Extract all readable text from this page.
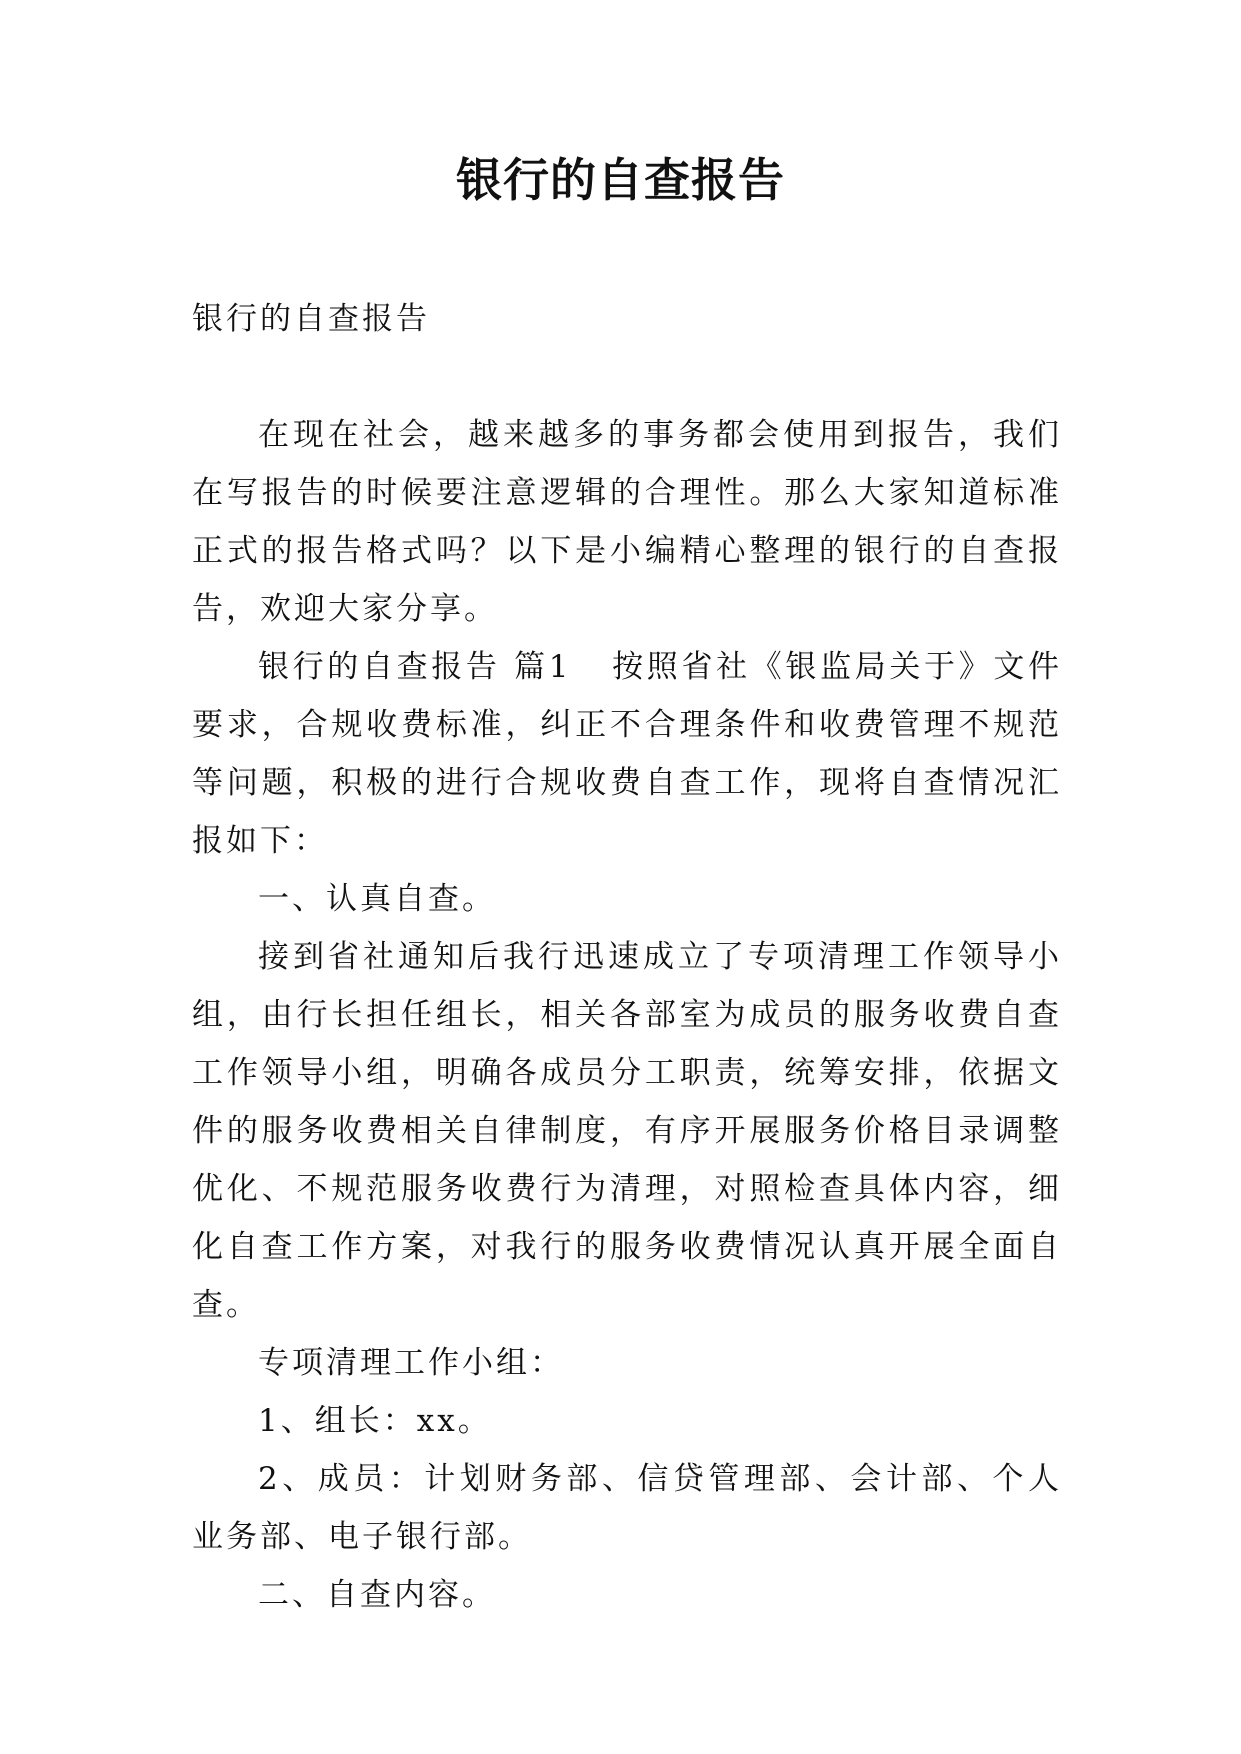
银行的自查报告

银行的自查报告

在现在社会，越来越多的事务都会使用到报告，我们在写报告的时候要注意逻辑的合理性。那么大家知道标准正式的报告格式吗？以下是小编精心整理的银行的自查报告，欢迎大家分享。

银行的自查报告 篇1 按照省社《银监局关于》文件要求，合规收费标准，纠正不合理条件和收费管理不规范等问题，积极的进行合规收费自查工作，现将自查情况汇报如下：

一、认真自查。

接到省社通知后我行迅速成立了专项清理工作领导小组，由行长担任组长，相关各部室为成员的服务收费自查工作领导小组，明确各成员分工职责，统筹安排，依据文件的服务收费相关自律制度，有序开展服务价格目录调整优化、不规范服务收费行为清理，对照检查具体内容，细化自查工作方案，对我行的服务收费情况认真开展全面自查。

专项清理工作小组：

1、组长：xx。

2、成员：计划财务部、信贷管理部、会计部、个人业务部、电子银行部。

二、自查内容。
